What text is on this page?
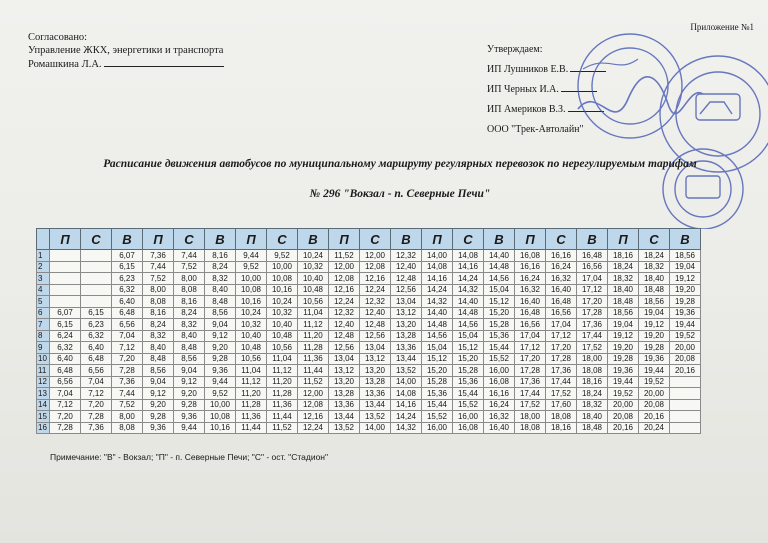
Приложение №1
Согласовано:
Управление ЖКХ, энергетики и транспорта
Ромашкина Л.А.
Утверждаем:
ИП Лушников Е.В.
ИП Черных И.А.
ИП Америков В.З.
ООО "Трек-Автолайн"
Расписание движения автобусов по муниципальному маршруту регулярных перевозок по нерегулируемым тарифам
№ 296 "Вокзал - п. Северные Печи"
	П	С	В	П	С	В	П	С	В	П	С	В	П	С	В	П	С	В	П	С	В
1			6,07	7,36	7,44	8,16	9,44	9,52	10,24	11,52	12,00	12,32	14,00	14,08	14,40	16,08	16,16	16,48	18,16	18,24	18,56
2			6,15	7,44	7,52	8,24	9,52	10,00	10,32	12,00	12,08	12,40	14,08	14,16	14,48	16,16	16,24	16,56	18,24	18,32	19,04
3			6,23	7,52	8,00	8,32	10,00	10,08	10,40	12,08	12,16	12,48	14,16	14,24	14,56	16,24	16,32	17,04	18,32	18,40	19,12
4			6,32	8,00	8,08	8,40	10,08	10,16	10,48	12,16	12,24	12,56	14,24	14,32	15,04	16,32	16,40	17,12	18,40	18,48	19,20
5			6,40	8,08	8,16	8,48	10,16	10,24	10,56	12,24	12,32	13,04	14,32	14,40	15,12	16,40	16,48	17,20	18,48	18,56	19,28
6	6,07	6,15	6,48	8,16	8,24	8,56	10,24	10,32	11,04	12,32	12,40	13,12	14,40	14,48	15,20	16,48	16,56	17,28	18,56	19,04	19,36
7	6,15	6,23	6,56	8,24	8,32	9,04	10,32	10,40	11,12	12,40	12,48	13,20	14,48	14,56	15,28	16,56	17,04	17,36	19,04	19,12	19,44
8	6,24	6,32	7,04	8,32	8,40	9,12	10,40	10,48	11,20	12,48	12,56	13,28	14,56	15,04	15,36	17,04	17,12	17,44	19,12	19,20	19,52
9	6,32	6,40	7,12	8,40	8,48	9,20	10,48	10,56	11,28	12,56	13,04	13,36	15,04	15,12	15,44	17,12	17,20	17,52	19,20	19,28	20,00
10	6,40	6,48	7,20	8,48	8,56	9,28	10,56	11,04	11,36	13,04	13,12	13,44	15,12	15,20	15,52	17,20	17,28	18,00	19,28	19,36	20,08
11	6,48	6,56	7,28	8,56	9,04	9,36	11,04	11,12	11,44	13,12	13,20	13,52	15,20	15,28	16,00	17,28	17,36	18,08	19,36	19,44	20,16
12	6,56	7,04	7,36	9,04	9,12	9,44	11,12	11,20	11,52	13,20	13,28	14,00	15,28	15,36	16,08	17,36	17,44	18,16	19,44	19,52	
13	7,04	7,12	7,44	9,12	9,20	9,52	11,20	11,28	12,00	13,28	13,36	14,08	15,36	15,44	16,16	17,44	17,52	18,24	19,52	20,00	
14	7,12	7,20	7,52	9,20	9,28	10,00	11,28	11,36	12,08	13,36	13,44	14,16	15,44	15,52	16,24	17,52	17,60	18,32	20,00	20,08	
15	7,20	7,28	8,00	9,28	9,36	10,08	11,36	11,44	12,16	13,44	13,52	14,24	15,52	16,00	16,32	18,00	18,08	18,40	20,08	20,16	
16	7,28	7,36	8,08	9,36	9,44	10,16	11,44	11,52	12,24	13,52	14,00	14,32	16,00	16,08	16,40	18,08	18,16	18,48	20,16	20,24	
Примечание: "В" - Вокзал; "П" - п. Северные Печи; "С" - ост. "Стадион"
